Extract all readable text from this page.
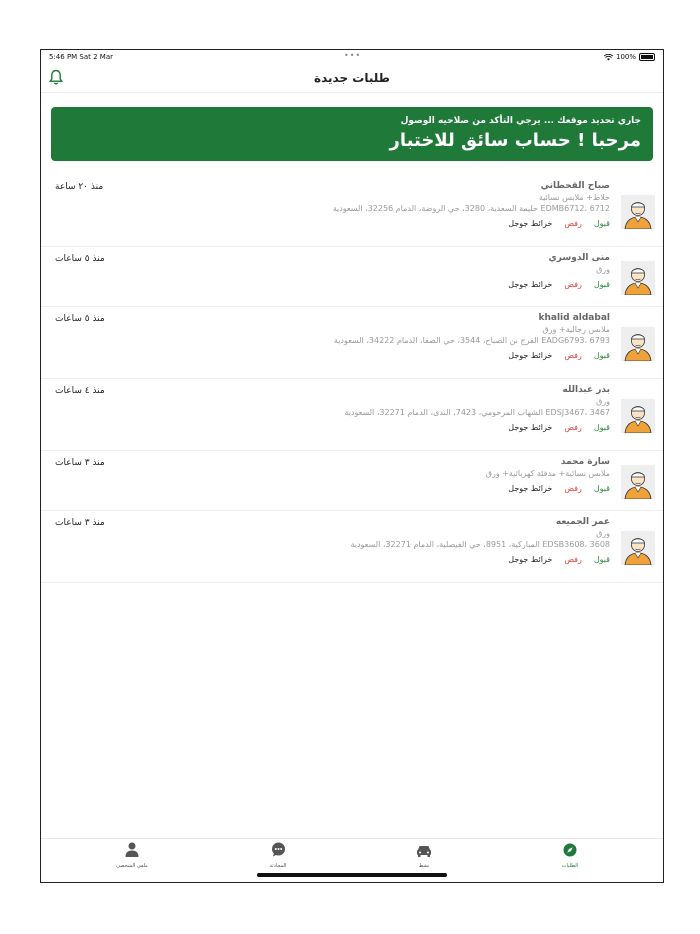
5:46 PM Sat 2 Mar	•••	100%
طلبات جديدة
جاري تحديد موقعك ... يرجي التأكد من صلاحيه الوصول
مرحبا ! حساب سائق للاختبار
صباح القحطاني
حلاط+ ملابس نسائية
EDMB6712، 6712 حليمة السعدية، 3280، حي الروضة، الدمام 32256، السعودية
قبول
رفض
خرائط جوجل
منذ ٢٠ ساعة
منى الدوسري
ورق
قبول
رفض
خرائط جوجل
منذ ٥ ساعات
khalid aldabal
ملابس رجالية+ ورق
EADG6793، 6793 الفرج بن الصباح، 3544، حي الصفا، الدمام 34222، السعودية
قبول
رفض
خرائط جوجل
منذ ٥ ساعات
بدر عبدالله
ورق
EDSJ3467، 3467 الشهاب المرحومي، 7423، الندى، الدمام 32271، السعودية
قبول
رفض
خرائط جوجل
منذ ٤ ساعات
سارة محمد
ملابس نسائية+ مدفئة كهربائية+ ورق
قبول
رفض
خرائط جوجل
منذ ٣ ساعات
عمر الجميعه
ورق
EDSB3608، 3608 المباركية، 8951، حي الفيصلية، الدمام 32271، السعودية
قبول
رفض
خرائط جوجل
منذ ٣ ساعات
الطلبات
نشط
المحادثة
ملفي الشخصي
